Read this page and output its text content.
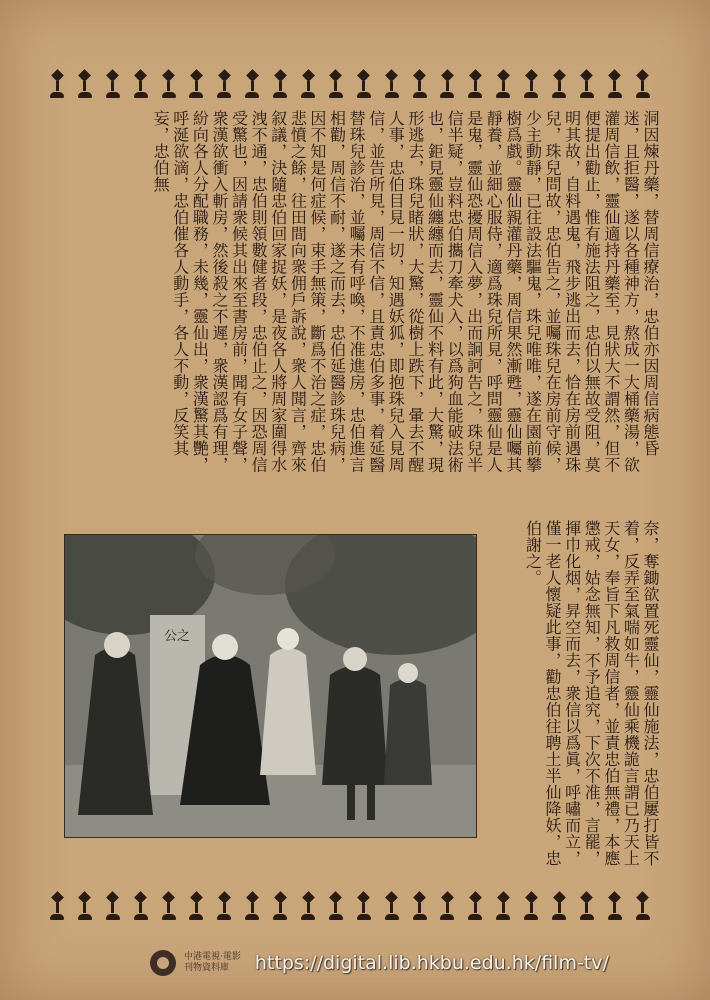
洞因煉丹藥，替周信療治，忠伯亦因周信病態昏迷，且拒醫，遂以各種神方，熬成一大桶藥湯，欲灌周信飲，靈仙適持丹藥至，見狀大不謂然，但不便提出勸止，惟有施法阻之，忠伯以無故受阻，莫明其故，自料遇鬼，飛步逃出而去，恰在房前遇珠兒，珠兒問故，忠伯告之，並囑珠兒在房前守候，少主動靜，已往設法驅鬼，珠兒唯唯，遂在園前攀樹爲戲。靈仙親灌丹藥，周信果然漸甦，靈仙囑其靜養，並細心服侍，適爲珠兒所見，呼問靈仙是人是鬼，靈仙恐擾周信入夢，出而詗訶告之，珠兒半信半疑，豈料忠伯攜刀牽犬入，以爲狗血能破法術也，鉅見靈仙纏纏而去，靈仙不料有此，大驚，現形逃去，珠兒睹狀，大驚，從樹上跌下，暈去不醒人事，忠伯目見一切，知遇妖狐，即抱珠兒入見周信，並告所見，周信不信，且責忠伯多事，着延醫替珠兒診治，並囑未有呼喚，不准進房，忠伯進言相勸，周信不耐，遂之而去，忠伯延醫診珠兒病，因不知是何症候，束手無策，斷爲不治之症，忠伯悲憤之餘，往田間向衆佣戶訴說，衆人聞言，齊來叙議，決隨忠伯回家捉妖，是夜各人將周家圍得水洩不通，忠伯則領數健者段，忠伯止之，因恐周信受驚也，因請衆候其出來至書房前，聞有女子聲，衆漢欲衝入斬房，然後殺之不遲，衆漢認爲有理，紛向各人分配職務，未幾，靈仙出，衆漢驚其艷，呼涎欲滴，忠伯催各人動手，各人不動，反笑其妄，忠伯無
公之	奈，奪鋤欲置死靈仙，靈仙施法，忠伯屢打皆不着，反弄至氣喘如牛，靈仙乘機詭言謂已乃天上天女，奉旨下凡救周信者，並責忠伯無禮，本應懲戒，姑念無知，不予追究，下次不准，言罷，揮巾化烟，昇空而去，衆信以爲眞，呼嘯而立，僅一老人懷疑此事，勸忠伯往聘土半仙降妖，忠伯謝之。
中港電視·電影
刊物資料庫	https://digital.lib.hkbu.edu.hk/film-tv/
